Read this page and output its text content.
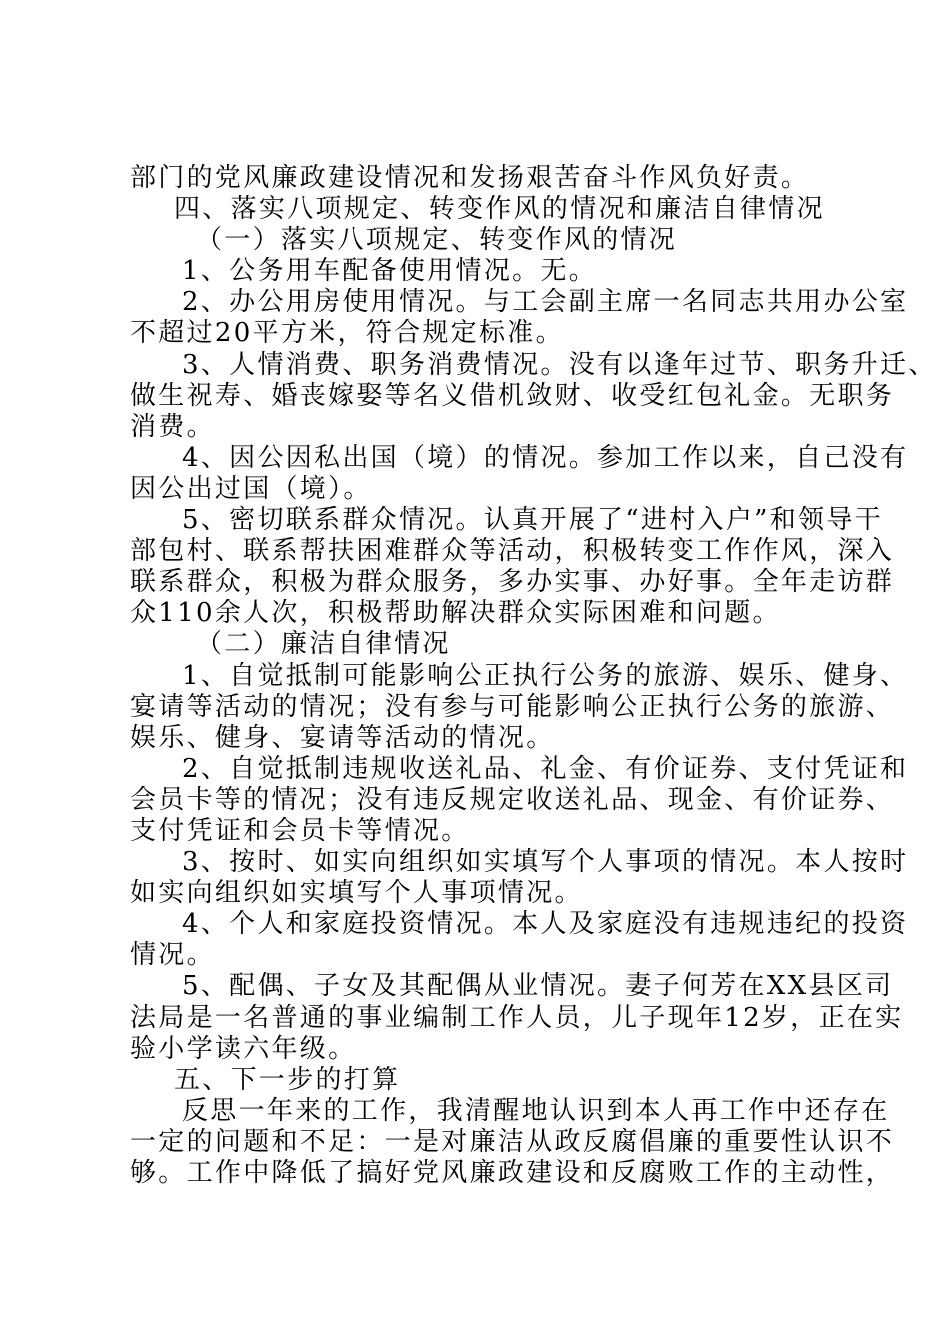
部门的党风廉政建设情况和发扬艰苦奋斗作风负好责。
四、落实八项规定、转变作风的情况和廉洁自律情况
（一）落实八项规定、转变作风的情况
1、公务用车配备使用情况。无。
2、办公用房使用情况。与工会副主席一名同志共用办公室
不超过20平方米，符合规定标准。
3、人情消费、职务消费情况。没有以逢年过节、职务升迁、
做生祝寿、婚丧嫁娶等名义借机敛财、收受红包礼金。无职务
消费。
4、因公因私出国（境）的情况。参加工作以来，自己没有
因公出过国（境）。
5、密切联系群众情况。认真开展了“进村入户”和领导干
部包村、联系帮扶困难群众等活动，积极转变工作作风，深入
联系群众，积极为群众服务，多办实事、办好事。全年走访群
众110余人次，积极帮助解决群众实际困难和问题。
（二）廉洁自律情况
1、自觉抵制可能影响公正执行公务的旅游、娱乐、健身、
宴请等活动的情况；没有参与可能影响公正执行公务的旅游、
娱乐、健身、宴请等活动的情况。
2、自觉抵制违规收送礼品、礼金、有价证券、支付凭证和
会员卡等的情况；没有违反规定收送礼品、现金、有价证券、
支付凭证和会员卡等情况。
3、按时、如实向组织如实填写个人事项的情况。本人按时
如实向组织如实填写个人事项情况。
4、个人和家庭投资情况。本人及家庭没有违规违纪的投资
情况。
5、配偶、子女及其配偶从业情况。妻子何芳在XX县区司
法局是一名普通的事业编制工作人员，儿子现年12岁，正在实
验小学读六年级。
五、下一步的打算
反思一年来的工作，我清醒地认识到本人再工作中还存在
一定的问题和不足：一是对廉洁从政反腐倡廉的重要性认识不
够。工作中降低了搞好党风廉政建设和反腐败工作的主动性，
